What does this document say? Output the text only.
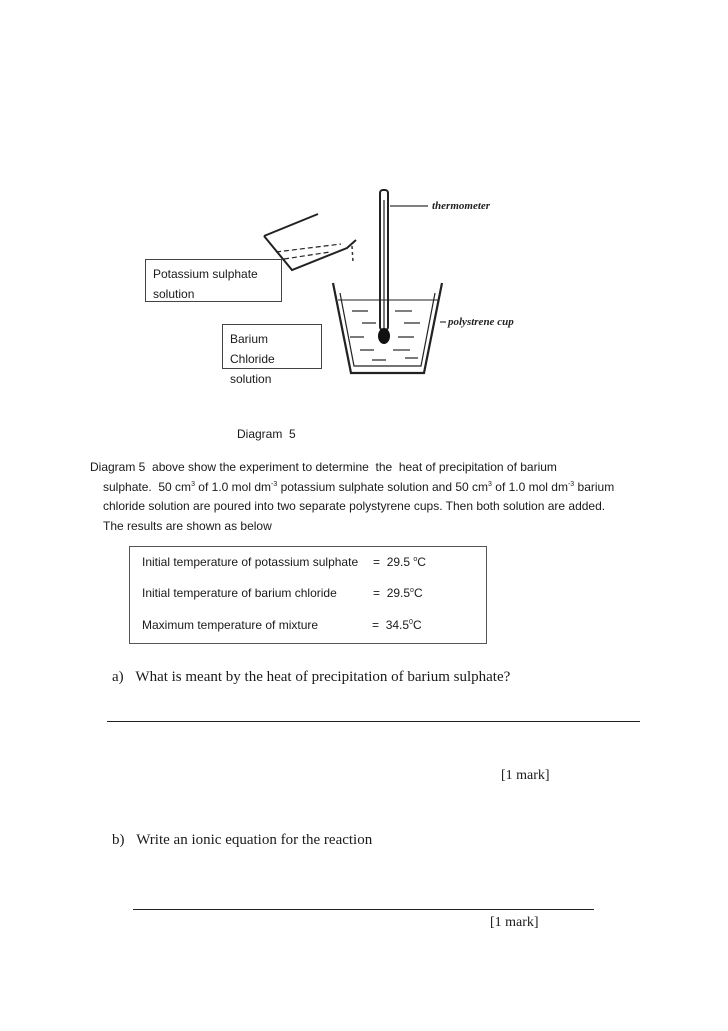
thermometer
polystrene cup
Potassium sulphate
solution
Barium Chloride
solution
Diagram  5
Diagram 5  above show the experiment to determine  the  heat of precipitation of barium
sulphate.  50 $cm^3$ of 1.0 mol $dm^{-3}$ potassium sulphate solution and 50 $cm^3$ of 1.0 mol $dm^{-3}$ barium
chloride solution are poured into two separate polystyrene cups. Then both solution are added.
The results are shown as below
Initial temperature of potassium sulphate = 29.5 $^o$C
Initial temperature of barium chloride	= $29.5^oC$
Maximum temperature of mixture	= $34.5^0C$
a) What is meant by the heat of precipitation of barium sulphate?
[1 mark]
b) Write an ionic equation for the reaction
[1 mark]
